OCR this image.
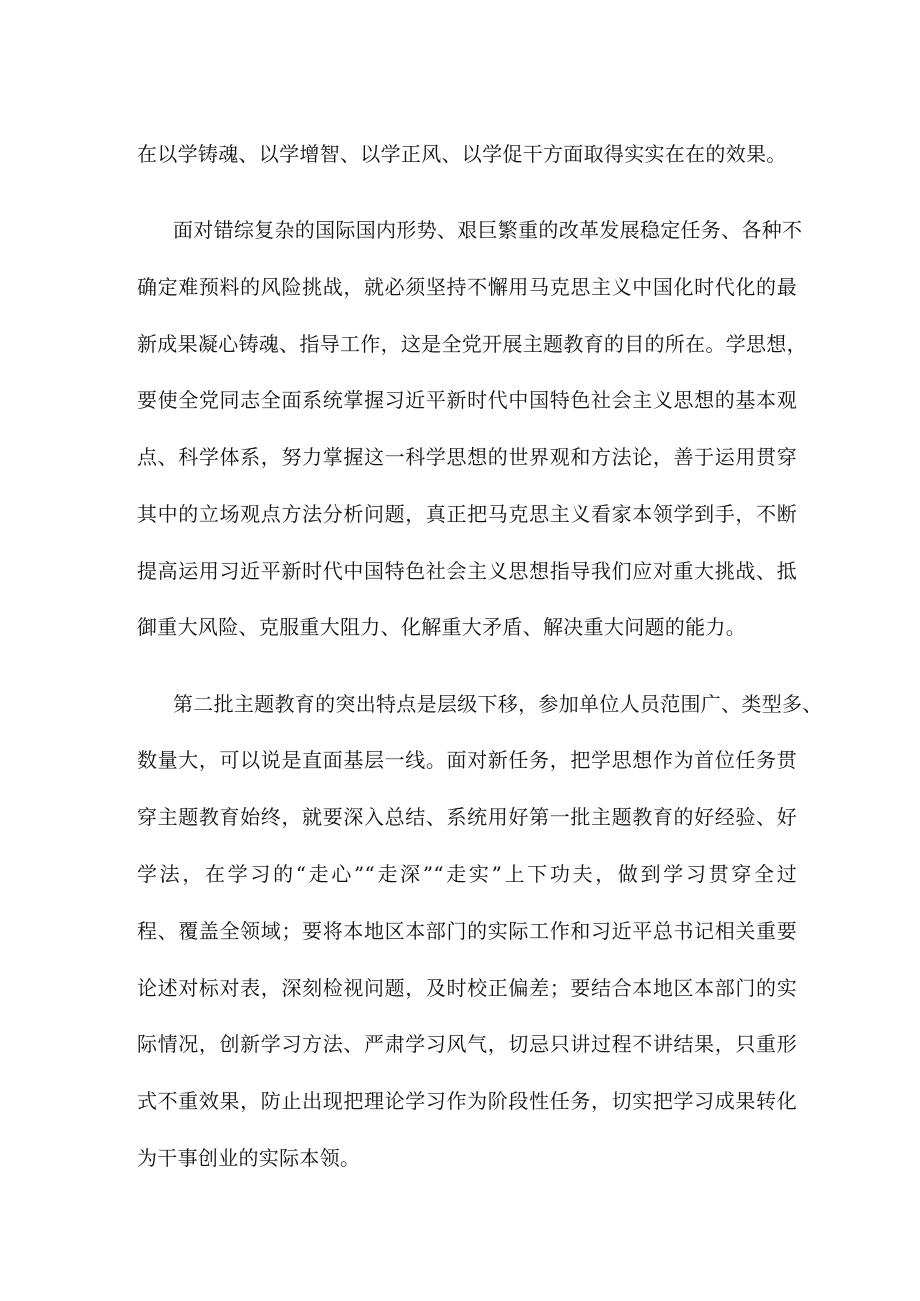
在以学铸魂、以学增智、以学正风、以学促干方面取得实实在在的效果。
面对错综复杂的国际国内形势、艰巨繁重的改革发展稳定任务、各种不
确定难预料的风险挑战，就必须坚持不懈用马克思主义中国化时代化的最
新成果凝心铸魂、指导工作，这是全党开展主题教育的目的所在。学思想，
要使全党同志全面系统掌握习近平新时代中国特色社会主义思想的基本观
点、科学体系，努力掌握这一科学思想的世界观和方法论，善于运用贯穿
其中的立场观点方法分析问题，真正把马克思主义看家本领学到手，不断
提高运用习近平新时代中国特色社会主义思想指导我们应对重大挑战、抵
御重大风险、克服重大阻力、化解重大矛盾、解决重大问题的能力。
第二批主题教育的突出特点是层级下移，参加单位人员范围广、类型多、
数量大，可以说是直面基层一线。面对新任务，把学思想作为首位任务贯
穿主题教育始终，就要深入总结、系统用好第一批主题教育的好经验、好
学法，在学习的“走心”“走深”“走实”上下功夫，做到学习贯穿全过
程、覆盖全领域；要将本地区本部门的实际工作和习近平总书记相关重要
论述对标对表，深刻检视问题，及时校正偏差；要结合本地区本部门的实
际情况，创新学习方法、严肃学习风气，切忌只讲过程不讲结果，只重形
式不重效果，防止出现把理论学习作为阶段性任务，切实把学习成果转化
为干事创业的实际本领。
